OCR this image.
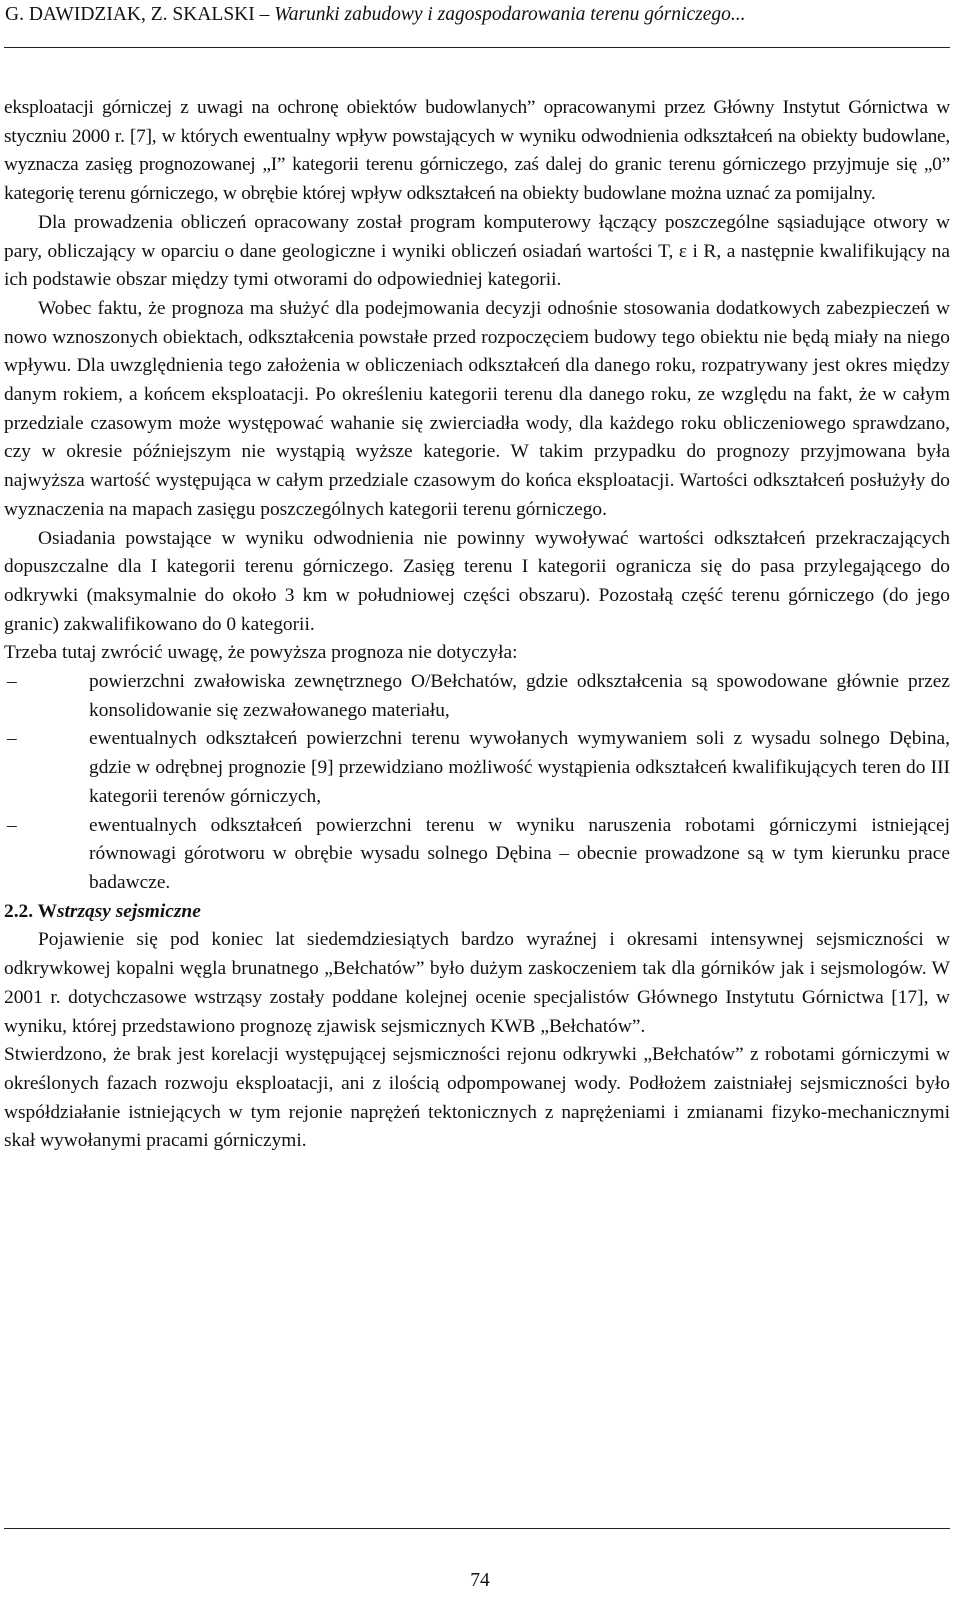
G. DAWIDZIAK, Z. SKALSKI – Warunki zabudowy i zagospodarowania terenu górniczego...

eksploatacji górniczej z uwagi na ochronę obiektów budowlanych” opracowanymi przez Główny Instytut Górnictwa w styczniu 2000 r. [7], w których ewentualny wpływ powstających w wyniku odwodnienia odkształceń na obiekty budowlane, wyznacza zasięg prognozowanej „I” kategorii terenu górniczego, zaś dalej do granic terenu górniczego przyjmuje się „0” kategorię terenu górniczego, w obrębie której wpływ odkształceń na obiekty budowlane można uznać za pomijalny.

Dla prowadzenia obliczeń opracowany został program komputerowy łączący poszczególne sąsiadujące otwory w pary, obliczający w oparciu o dane geologiczne i wyniki obliczeń osiadań wartości T, ε i R, a następnie kwalifikujący na ich podstawie obszar między tymi otworami do odpowiedniej kategorii.

Wobec faktu, że prognoza ma służyć dla podejmowania decyzji odnośnie stosowania dodatkowych zabezpieczeń w nowo wznoszonych obiektach, odkształcenia powstałe przed rozpoczęciem budowy tego obiektu nie będą miały na niego wpływu. Dla uwzględnienia tego założenia w obliczeniach odkształceń dla danego roku, rozpatrywany jest okres między danym rokiem, a końcem eksploatacji. Po określeniu kategorii terenu dla danego roku, ze względu na fakt, że w całym przedziale czasowym może występować wahanie się zwierciadła wody, dla każdego roku obliczeniowego sprawdzano, czy w okresie późniejszym nie wystąpią wyższe kategorie. W takim przypadku do prognozy przyjmowana była najwyższa wartość występująca w całym przedziale czasowym do końca eksploatacji. Wartości odkształceń posłużyły do wyznaczenia na mapach zasięgu poszczególnych kategorii terenu górniczego.

Osiadania powstające w wyniku odwodnienia nie powinny wywoływać wartości odkształceń przekraczających dopuszczalne dla I kategorii terenu górniczego. Zasięg terenu I kategorii ogranicza się do pasa przylegającego do odkrywki (maksymalnie do około 3 km w południowej części obszaru). Pozostałą część terenu górniczego (do jego granic) zakwalifikowano do 0 kategorii.

Trzeba tutaj zwrócić uwagę, że powyższa prognoza nie dotyczyła:

–	powierzchni zwałowiska zewnętrznego O/Bełchatów, gdzie odkształcenia są spowodowane głównie przez konsolidowanie się zezwałowanego materiału,
–	ewentualnych odkształceń powierzchni terenu wywołanych wymywaniem soli z wysadu solnego Dębina, gdzie w odrębnej prognozie [9] przewidziano możliwość wystąpienia odkształceń kwalifikujących teren do III kategorii terenów górniczych,
–	ewentualnych odkształceń powierzchni terenu w wyniku naruszenia robotami górniczymi istniejącej równowagi górotworu w obrębie wysadu solnego Dębina – obecnie prowadzone są w tym kierunku prace badawcze.

2.2. Wstrząsy sejsmiczne

Pojawienie się pod koniec lat siedemdziesiątych bardzo wyraźnej i okresami intensywnej sejsmiczności w odkrywkowej kopalni węgla brunatnego „Bełchatów” było dużym zaskoczeniem tak dla górników jak i sejsmologów. W 2001 r. dotychczasowe wstrząsy zostały poddane kolejnej ocenie specjalistów Głównego Instytutu Górnictwa [17], w wyniku, której przedstawiono prognozę zjawisk sejsmicznych KWB „Bełchatów”.

Stwierdzono, że brak jest korelacji występującej sejsmiczności rejonu odkrywki „Bełchatów” z robotami górniczymi w określonych fazach rozwoju eksploatacji, ani z ilością odpompowanej wody. Podłożem zaistniałej sejsmiczności było współdziałanie istniejących w tym rejonie naprężeń tektonicznych z naprężeniami i zmianami fizyko-mechanicznymi skał wywołanymi pracami górniczymi.

74
